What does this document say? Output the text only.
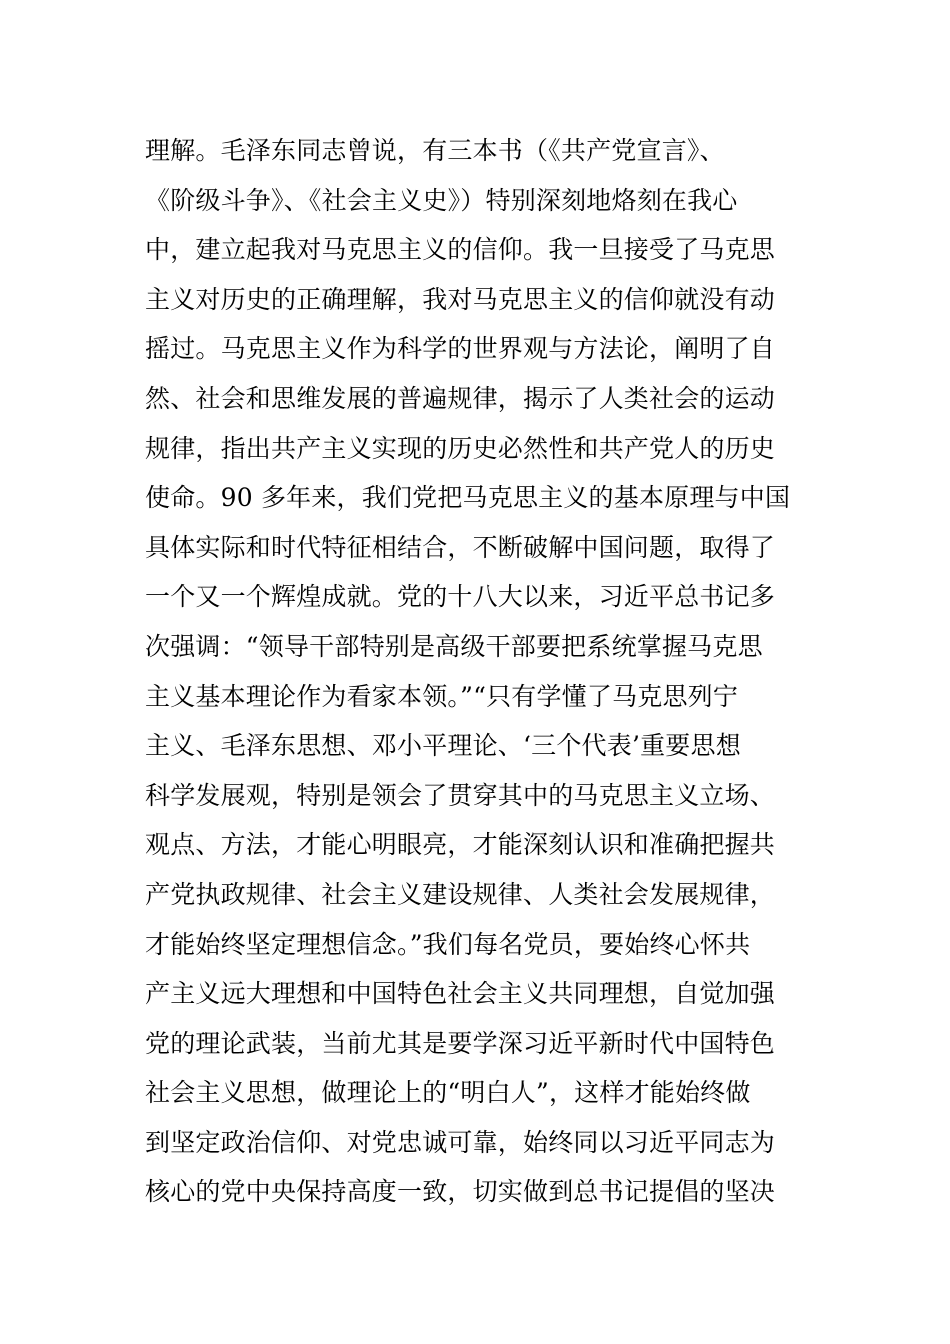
理解。毛泽东同志曾说，有三本书（《共产党宣言》、
《阶级斗争》、《社会主义史》）特别深刻地烙刻在我心
中，建立起我对马克思主义的信仰。我一旦接受了马克思
主义对历史的正确理解，我对马克思主义的信仰就没有动
摇过。马克思主义作为科学的世界观与方法论，阐明了自
然、社会和思维发展的普遍规律，揭示了人类社会的运动
规律，指出共产主义实现的历史必然性和共产党人的历史
使命。90 多年来，我们党把马克思主义的基本原理与中国
具体实际和时代特征相结合，不断破解中国问题，取得了
一个又一个辉煌成就。党的十八大以来，习近平总书记多
次强调：“领导干部特别是高级干部要把系统掌握马克思
主义基本理论作为看家本领。”“只有学懂了马克思列宁
主义、毛泽东思想、邓小平理论、‘三个代表’重要思想
科学发展观，特别是领会了贯穿其中的马克思主义立场、
观点、方法，才能心明眼亮，才能深刻认识和准确把握共
产党执政规律、社会主义建设规律、人类社会发展规律，
才能始终坚定理想信念。”我们每名党员，要始终心怀共
产主义远大理想和中国特色社会主义共同理想，自觉加强
党的理论武装，当前尤其是要学深习近平新时代中国特色
社会主义思想，做理论上的“明白人”，这样才能始终做
到坚定政治信仰、对党忠诚可靠，始终同以习近平同志为
核心的党中央保持高度一致，切实做到总书记提倡的坚决
